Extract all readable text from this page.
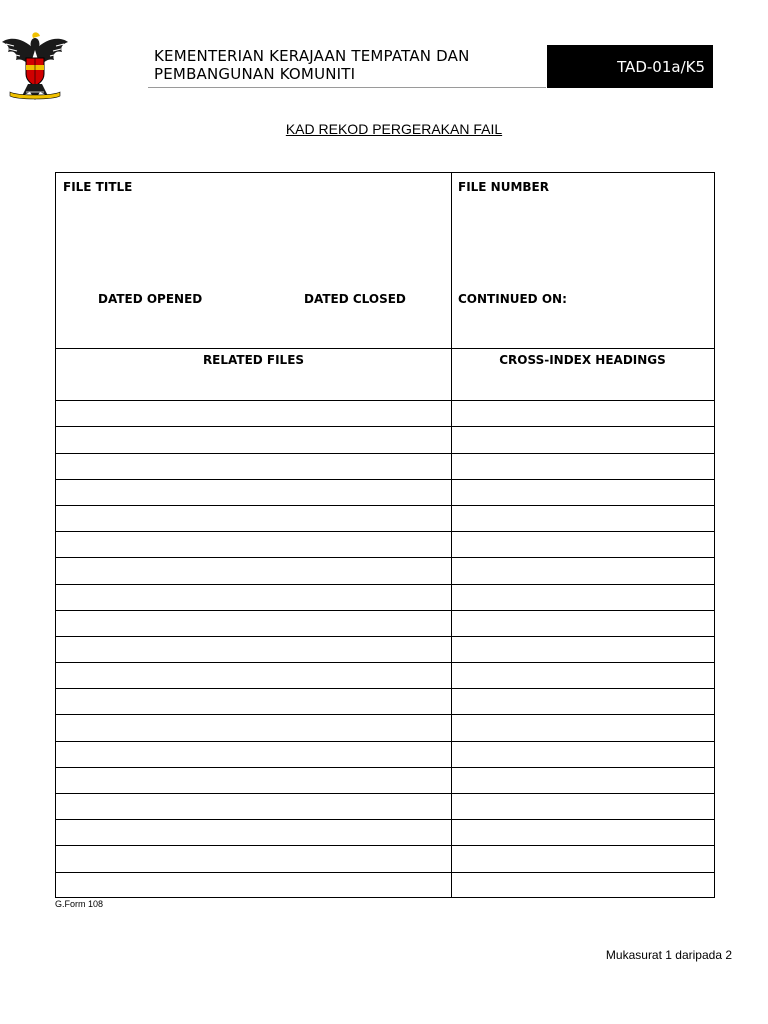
KEMENTERIAN KERAJAAN TEMPATAN DAN
PEMBANGUNAN KOMUNITI	TAD-01a/K5
KAD REKOD PERGERAKAN FAIL
FILE TITLE	FILE NUMBER
DATED OPENED	DATED CLOSED	CONTINUED ON:
RELATED FILES	CROSS-INDEX HEADINGS
G.Form 108
Mukasurat 1 daripada 2
